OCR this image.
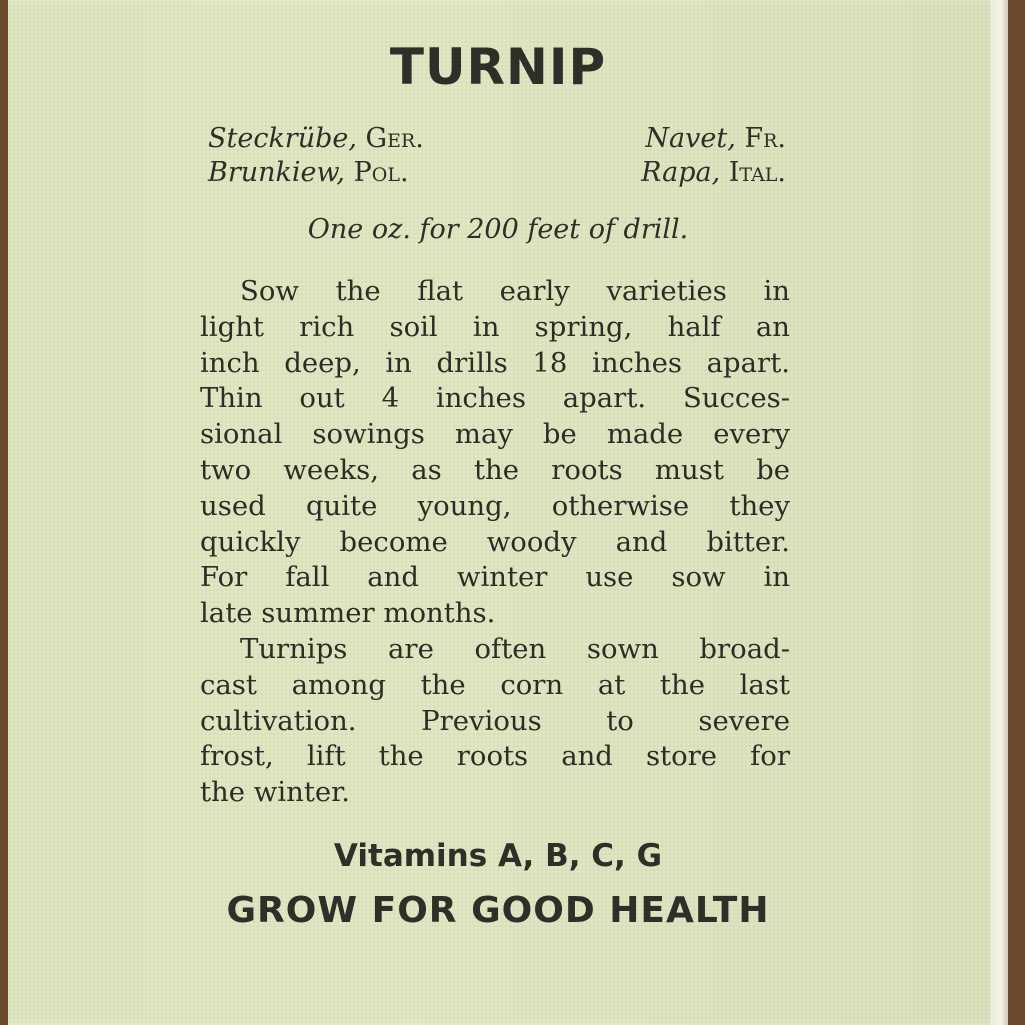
TURNIP
Steckrübe, Ger.	Navet, Fr.
Brunkiew, Pol.	Rapa, Ital.
One oz. for 200 feet of drill.
Sow the flat early varieties in
light rich soil in spring, half an
inch deep, in drills 18 inches apart.
Thin out 4 inches apart. Succes-
sional sowings may be made every
two weeks, as the roots must be
used quite young, otherwise they
quickly become woody and bitter.
For fall and winter use sow in
late summer months.
Turnips are often sown broad-
cast among the corn at the last
cultivation. Previous to severe
frost, lift the roots and store for
the winter.
Vitamins A, B, C, G
GROW FOR GOOD HEALTH
